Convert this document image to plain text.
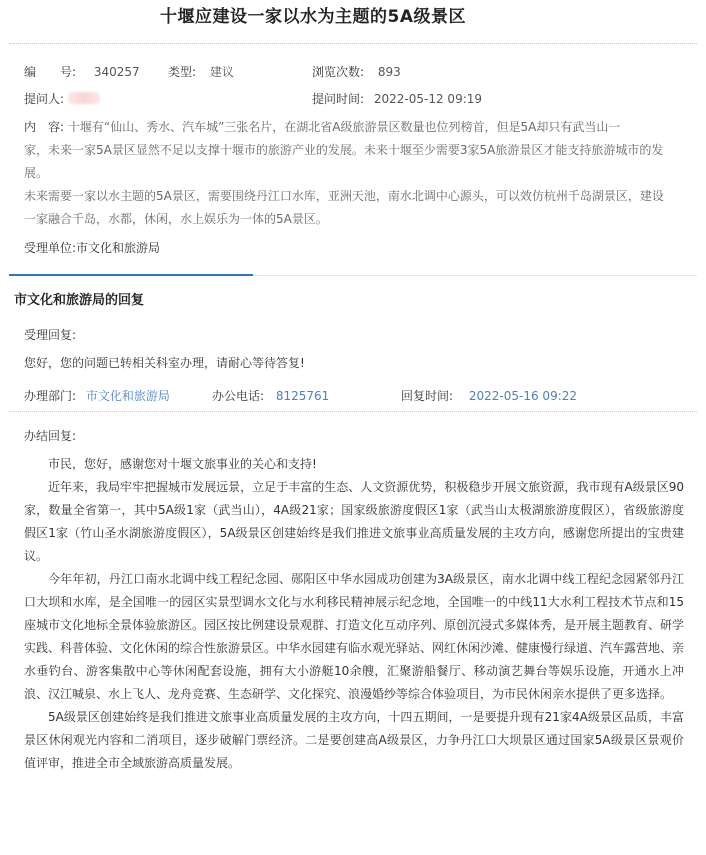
十堰应建设一家以水为主题的5A级景区
编　　号: 340257 类型: 建议	浏览次数: 893
提问人:	提问时间: 2022-05-12 09:19

内　容: 十堰有“仙山、秀水、汽车城”三张名片，在湖北省A级旅游景区数量也位列榜首，但是5A却只有武当山一

家，未来一家5A景区显然不足以支撑十堰市的旅游产业的发展。未来十堰至少需要3家5A旅游景区才能支持旅游城市的发

展。

未来需要一家以水主题的5A景区，需要围绕丹江口水库，亚洲天池，南水北调中心源头，可以效仿杭州千岛湖景区，建设

一家融合千岛，水都，休闲，水上娱乐为一体的5A景区。

受理单位:市文化和旅游局
市文化和旅游局的回复
受理回复:
您好，您的问题已转相关科室办理，请耐心等待答复!
办理部门: 市文化和旅游局	办公电话: 8125761	回复时间: 2022-05-16 09:22
办结回复:

市民，您好，感谢您对十堰文旅事业的关心和支持!

近年来，我局牢牢把握城市发展远景，立足于丰富的生态、人文资源优势，积极稳步开展文旅资源，我市现有A级景区90家，数量全省第一，其中5A级1家（武当山），4A级21家；国家级旅游度假区1家（武当山太极湖旅游度假区），省级旅游度假区1家（竹山圣水湖旅游度假区），5A级景区创建始终是我们推进文旅事业高质量发展的主攻方向，感谢您所提出的宝贵建议。

今年年初，丹江口南水北调中线工程纪念园、郧阳区中华水园成功创建为3A级景区，南水北调中线工程纪念园紧邻丹江口大坝和水库，是全国唯一的园区实景型调水文化与水利移民精神展示纪念地，全国唯一的中线11大水利工程技术节点和15座城市文化地标全景体验旅游区。园区按比例建设景观群、打造文化互动序列、原创沉浸式多媒体秀，是开展主题教育、研学实践、科普体验、文化休闲的综合性旅游景区。中华水园建有临水观光驿站、网红休闲沙滩、健康慢行绿道、汽车露营地、亲水垂钓台、游客集散中心等休闲配套设施，拥有大小游艇10余艘，汇聚游船餐厅、移动演艺舞台等娱乐设施，开通水上冲浪、汉江喊泉、水上飞人、龙舟竞赛、生态研学、文化探究、浪漫婚纱等综合体验项目，为市民休闲亲水提供了更多选择。

5A级景区创建始终是我们推进文旅事业高质量发展的主攻方向，十四五期间，一是要提升现有21家4A级景区品质，丰富景区休闲观光内容和二消项目，逐步破解门票经济。二是要创建高A级景区，力争丹江口大坝景区通过国家5A级景区景观价值评审，推进全市全域旅游高质量发展。
